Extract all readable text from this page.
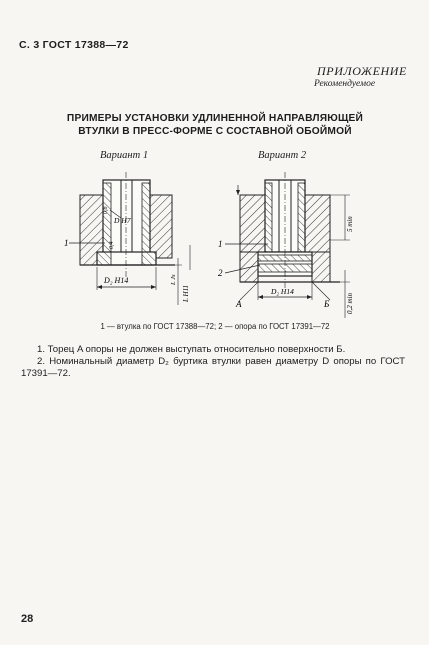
С. 3 ГОСТ 17388—72
ПРИЛОЖЕНИЕ
Рекомендуемое
ПРИМЕРЫ УСТАНОВКИ УДЛИНЕННОЙ НАПРАВЛЯЮЩЕЙ
ВТУЛКИ В ПРЕСС-ФОРМЕ С СОСТАВНОЙ ОБОЙМОЙ
Вариант 1	Вариант 2
D H7
0,8
0,4
1
D₂ H14
L H11
L Js
5 min
0,2 min
D₂ H14
A	Б
1
2
1 — втулка по ГОСТ 17388—72; 2 — опора по ГОСТ 17391—72
1. Торец A опоры не должен выступать относительно поверхности Б.
2. Номинальный диаметр D₂ буртика втулки равен диаметру D опоры по ГОСТ 17391—72.
28
